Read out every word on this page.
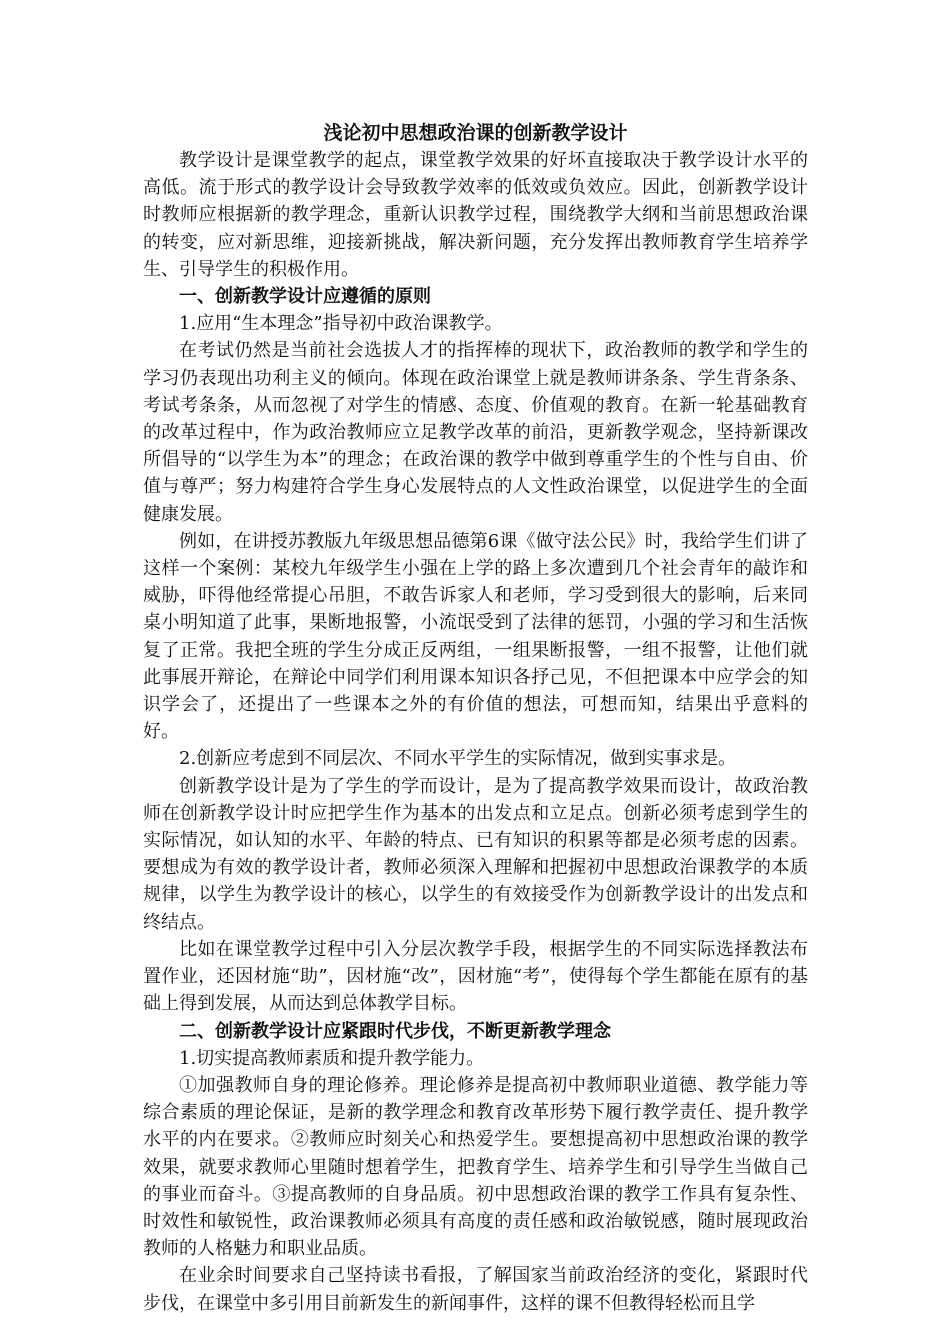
浅论初中思想政治课的创新教学设计

教学设计是课堂教学的起点，课堂教学效果的好坏直接取决于教学设计水平的高低。流于形式的教学设计会导致教学效率的低效或负效应。因此，创新教学设计时教师应根据新的教学理念，重新认识教学过程，围绕教学大纲和当前思想政治课的转变，应对新思维，迎接新挑战，解决新问题，充分发挥出教师教育学生培养学生、引导学生的积极作用。

一、创新教学设计应遵循的原则

1.应用“生本理念”指导初中政治课教学。

在考试仍然是当前社会选拔人才的指挥棒的现状下，政治教师的教学和学生的学习仍表现出功利主义的倾向。体现在政治课堂上就是教师讲条条、学生背条条、考试考条条，从而忽视了对学生的情感、态度、价值观的教育。在新一轮基础教育的改革过程中，作为政治教师应立足教学改革的前沿，更新教学观念，坚持新课改所倡导的“以学生为本”的理念；在政治课的教学中做到尊重学生的个性与自由、价值与尊严；努力构建符合学生身心发展特点的人文性政治课堂，以促进学生的全面健康发展。

例如，在讲授苏教版九年级思想品德第6课《做守法公民》时，我给学生们讲了这样一个案例：某校九年级学生小强在上学的路上多次遭到几个社会青年的敲诈和威胁，吓得他经常提心吊胆，不敢告诉家人和老师，学习受到很大的影响，后来同桌小明知道了此事，果断地报警，小流氓受到了法律的惩罚，小强的学习和生活恢复了正常。我把全班的学生分成正反两组，一组果断报警，一组不报警，让他们就此事展开辩论，在辩论中同学们利用课本知识各抒己见，不但把课本中应学会的知识学会了，还提出了一些课本之外的有价值的想法，可想而知，结果出乎意料的好。

2.创新应考虑到不同层次、不同水平学生的实际情况，做到实事求是。

创新教学设计是为了学生的学而设计，是为了提高教学效果而设计，故政治教师在创新教学设计时应把学生作为基本的出发点和立足点。创新必须考虑到学生的实际情况，如认知的水平、年龄的特点、已有知识的积累等都是必须考虑的因素。要想成为有效的教学设计者，教师必须深入理解和把握初中思想政治课教学的本质规律，以学生为教学设计的核心，以学生的有效接受作为创新教学设计的出发点和终结点。

比如在课堂教学过程中引入分层次教学手段，根据学生的不同实际选择教法布置作业，还因材施“助”，因材施“改”，因材施“考”，使得每个学生都能在原有的基础上得到发展，从而达到总体教学目标。

二、创新教学设计应紧跟时代步伐，不断更新教学理念

1.切实提高教师素质和提升教学能力。

①加强教师自身的理论修养。理论修养是提高初中教师职业道德、教学能力等综合素质的理论保证，是新的教学理念和教育改革形势下履行教学责任、提升教学水平的内在要求。②教师应时刻关心和热爱学生。要想提高初中思想政治课的教学效果，就要求教师心里随时想着学生，把教育学生、培养学生和引导学生当做自己的事业而奋斗。③提高教师的自身品质。初中思想政治课的教学工作具有复杂性、时效性和敏锐性，政治课教师必须具有高度的责任感和政治敏锐感，随时展现政治教师的人格魅力和职业品质。

在业余时间要求自己坚持读书看报，了解国家当前政治经济的变化，紧跟时代步伐，在课堂中多引用目前新发生的新闻事件，这样的课不但教得轻松而且学
